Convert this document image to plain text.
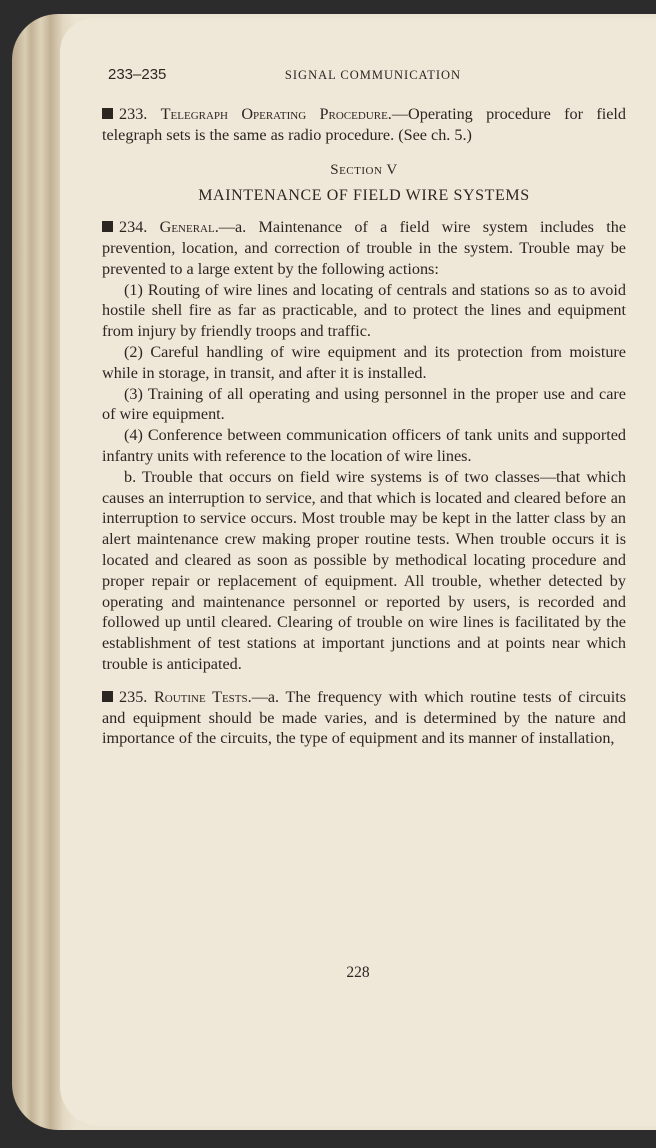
233–235	SIGNAL COMMUNICATION

233. Telegraph Operating Procedure.—Operating procedure for field telegraph sets is the same as radio procedure. (See ch. 5.)

Section V
MAINTENANCE OF FIELD WIRE SYSTEMS

234. General.—a. Maintenance of a field wire system includes the prevention, location, and correction of trouble in the system. Trouble may be prevented to a large extent by the following actions:

(1) Routing of wire lines and locating of centrals and stations so as to avoid hostile shell fire as far as practicable, and to protect the lines and equipment from injury by friendly troops and traffic.

(2) Careful handling of wire equipment and its protection from moisture while in storage, in transit, and after it is installed.

(3) Training of all operating and using personnel in the proper use and care of wire equipment.

(4) Conference between communication officers of tank units and supported infantry units with reference to the location of wire lines.

b. Trouble that occurs on field wire systems is of two classes—that which causes an interruption to service, and that which is located and cleared before an interruption to service occurs. Most trouble may be kept in the latter class by an alert maintenance crew making proper routine tests. When trouble occurs it is located and cleared as soon as possible by methodical locating procedure and proper repair or replacement of equipment. All trouble, whether detected by operating and maintenance personnel or reported by users, is recorded and followed up until cleared. Clearing of trouble on wire lines is facilitated by the establishment of test stations at important junctions and at points near which trouble is anticipated.

235. Routine Tests.—a. The frequency with which routine tests of circuits and equipment should be made varies, and is determined by the nature and importance of the circuits, the type of equipment and its manner of installation,

228
